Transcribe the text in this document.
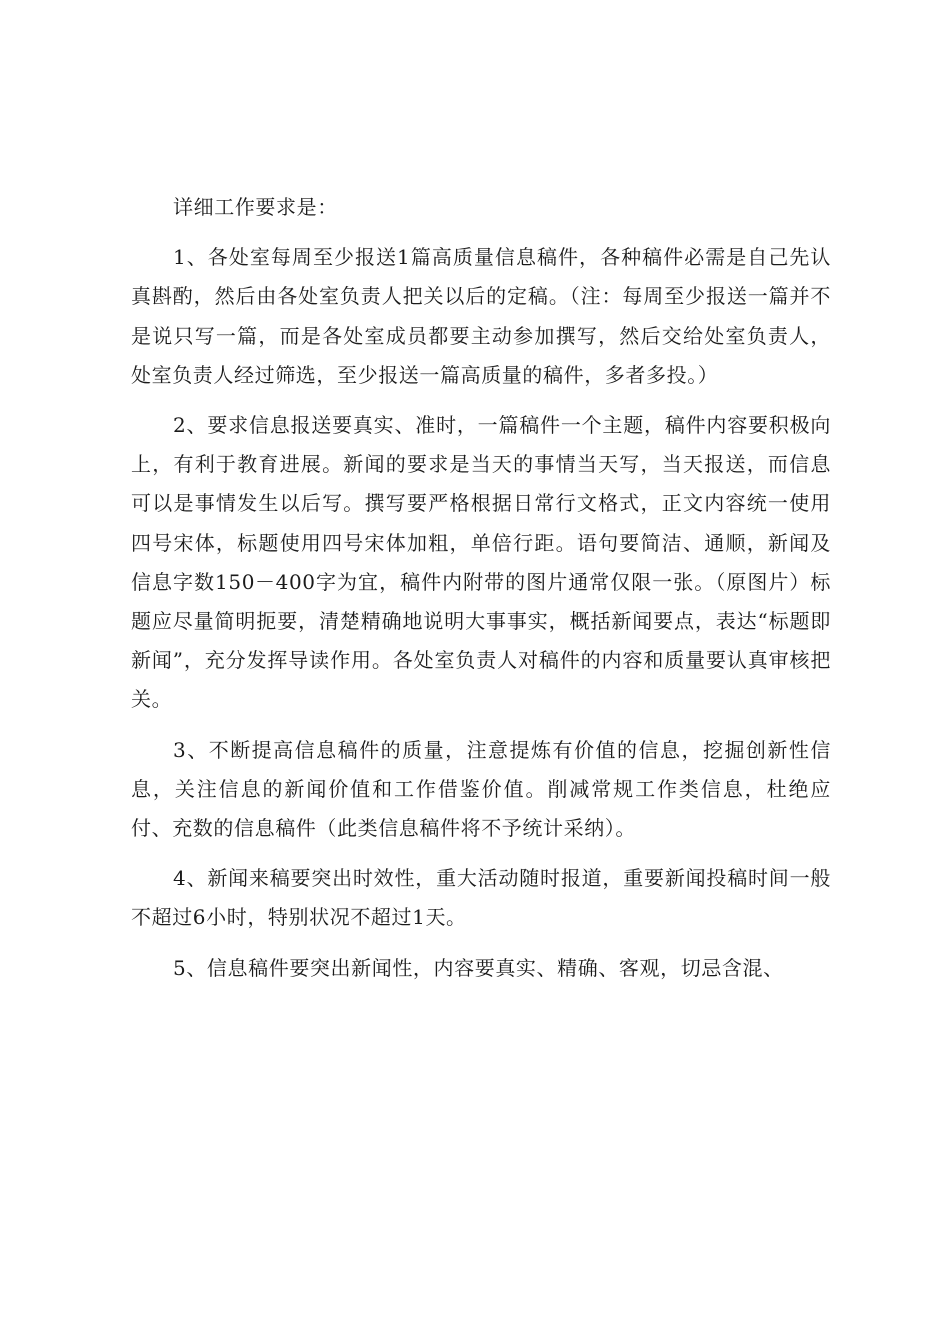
详细工作要求是：

1、各处室每周至少报送1篇高质量信息稿件，各种稿件必需是自己先认真斟酌，然后由各处室负责人把关以后的定稿。（注：每周至少报送一篇并不是说只写一篇，而是各处室成员都要主动参加撰写，然后交给处室负责人，处室负责人经过筛选，至少报送一篇高质量的稿件，多者多投。）

2、要求信息报送要真实、准时，一篇稿件一个主题，稿件内容要积极向上，有利于教育进展。新闻的要求是当天的事情当天写，当天报送，而信息可以是事情发生以后写。撰写要严格根据日常行文格式，正文内容统一使用四号宋体，标题使用四号宋体加粗，单倍行距。语句要简洁、通顺，新闻及信息字数150－400字为宜，稿件内附带的图片通常仅限一张。（原图片）标题应尽量简明扼要，清楚精确地说明大事事实，概括新闻要点，表达“标题即新闻”，充分发挥导读作用。各处室负责人对稿件的内容和质量要认真审核把关。

3、不断提高信息稿件的质量，注意提炼有价值的信息，挖掘创新性信息，关注信息的新闻价值和工作借鉴价值。削减常规工作类信息，杜绝应付、充数的信息稿件（此类信息稿件将不予统计采纳）。

4、新闻来稿要突出时效性，重大活动随时报道，重要新闻投稿时间一般不超过6小时，特别状况不超过1天。

5、信息稿件要突出新闻性，内容要真实、精确、客观，切忌含混、
